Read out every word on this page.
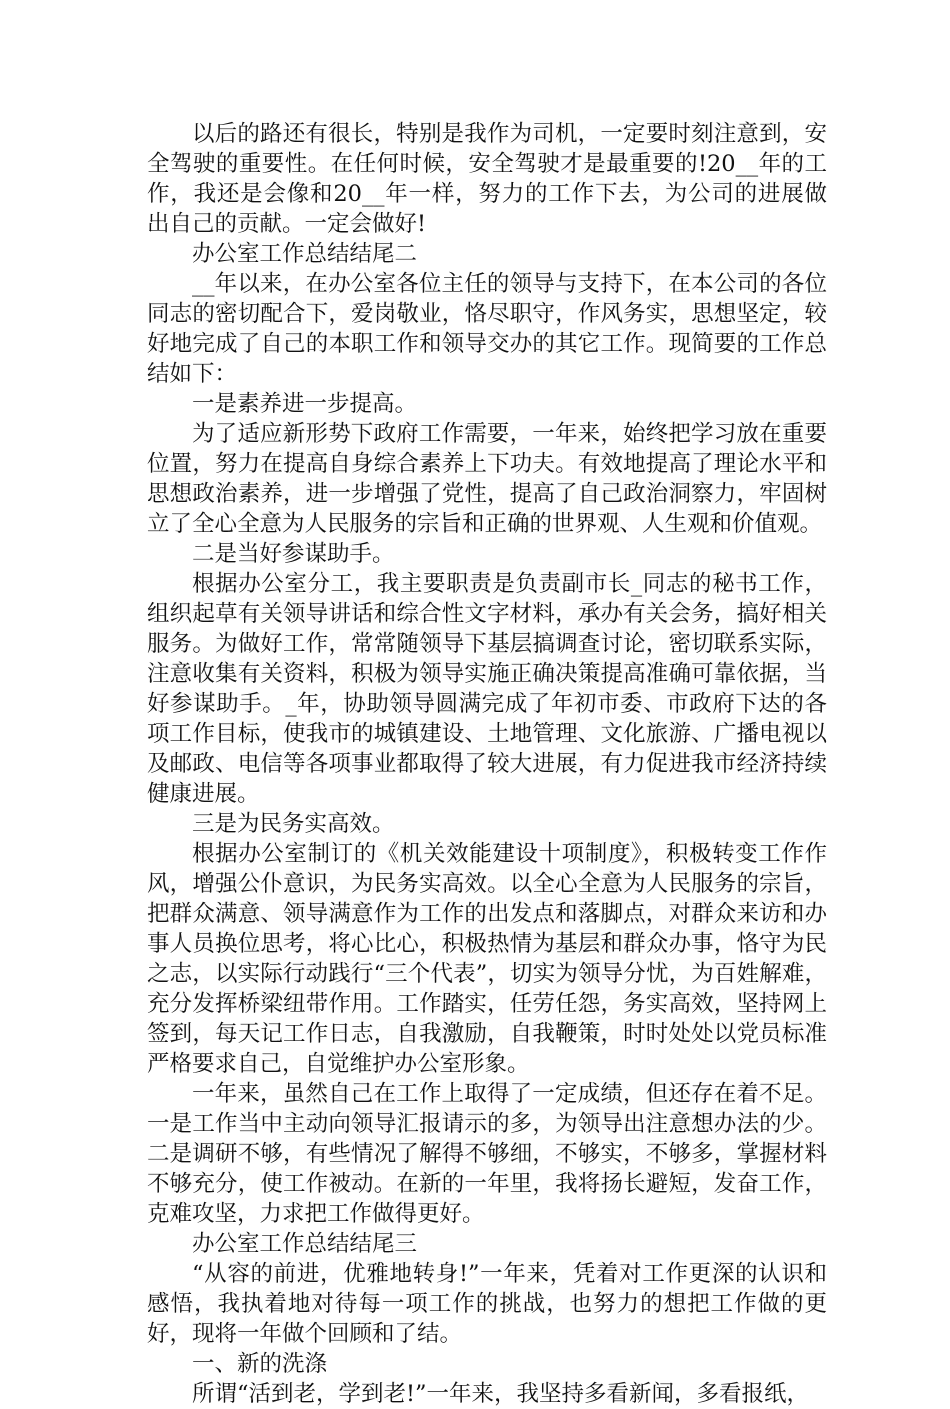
以后的路还有很长，特别是我作为司机，一定要时刻注意到，安全驾驶的重要性。在任何时候，安全驾驶才是最重要的!20__年的工作，我还是会像和20__年一样，努力的工作下去，为公司的进展做出自己的贡献。一定会做好!

办公室工作总结结尾二

__年以来，在办公室各位主任的领导与支持下，在本公司的各位同志的密切配合下，爱岗敬业，恪尽职守，作风务实，思想坚定，较好地完成了自己的本职工作和领导交办的其它工作。现简要的工作总结如下：

一是素养进一步提高。

为了适应新形势下政府工作需要，一年来，始终把学习放在重要位置，努力在提高自身综合素养上下功夫。有效地提高了理论水平和思想政治素养，进一步增强了党性，提高了自己政治洞察力，牢固树立了全心全意为人民服务的宗旨和正确的世界观、人生观和价值观。

二是当好参谋助手。

根据办公室分工，我主要职责是负责副市长_同志的秘书工作，组织起草有关领导讲话和综合性文字材料，承办有关会务，搞好相关服务。为做好工作，常常随领导下基层搞调查讨论，密切联系实际，注意收集有关资料，积极为领导实施正确决策提高准确可靠依据，当好参谋助手。_年，协助领导圆满完成了年初市委、市政府下达的各项工作目标，使我市的城镇建设、土地管理、文化旅游、广播电视以及邮政、电信等各项事业都取得了较大进展，有力促进我市经济持续健康进展。

三是为民务实高效。

根据办公室制订的《机关效能建设十项制度》，积极转变工作作风，增强公仆意识，为民务实高效。以全心全意为人民服务的宗旨，把群众满意、领导满意作为工作的出发点和落脚点，对群众来访和办事人员换位思考，将心比心，积极热情为基层和群众办事，恪守为民之志，以实际行动践行“三个代表”，切实为领导分忧，为百姓解难，充分发挥桥梁纽带作用。工作踏实，任劳任怨，务实高效，坚持网上签到，每天记工作日志，自我激励，自我鞭策，时时处处以党员标准严格要求自己，自觉维护办公室形象。

一年来，虽然自己在工作上取得了一定成绩，但还存在着不足。一是工作当中主动向领导汇报请示的多，为领导出注意想办法的少。二是调研不够，有些情况了解得不够细，不够实，不够多，掌握材料不够充分，使工作被动。在新的一年里，我将扬长避短，发奋工作，克难攻坚，力求把工作做得更好。

办公室工作总结结尾三

“从容的前进，优雅地转身!”一年来，凭着对工作更深的认识和感悟，我执着地对待每一项工作的挑战，也努力的想把工作做的更好，现将一年做个回顾和了结。

一、新的洗涤

所谓“活到老，学到老!”一年来，我坚持多看新闻，多看报纸，
